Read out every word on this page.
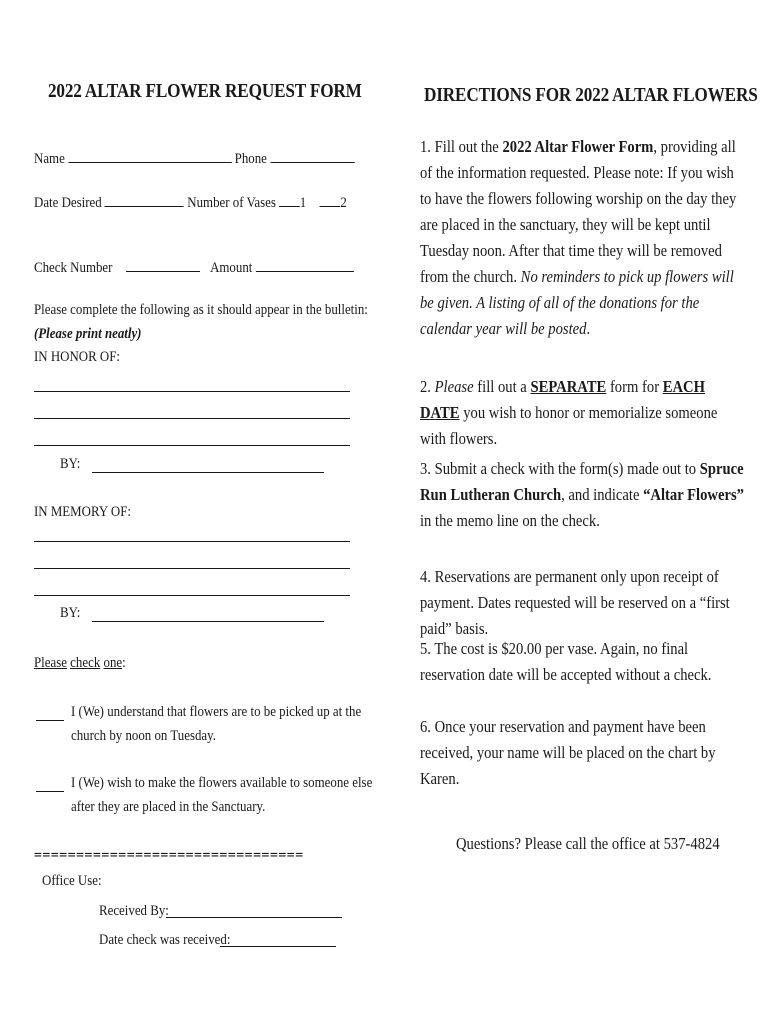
2022 ALTAR FLOWER REQUEST FORM
Name	Phone
Date Desired	Number of Vases 1 2
Check Number	Amount
Please complete the following as it should appear in the bulletin:
(Please print neatly)
IN HONOR OF:
BY:
IN MEMORY OF:
BY:
Please check one:
I (We) understand that flowers are to be picked up at the
church by noon on Tuesday.
I (We) wish to make the flowers available to someone else
after they are placed in the Sanctuary.
================================
Office Use:
Received By:
Date check was received:
DIRECTIONS FOR 2022 ALTAR FLOWERS
1. Fill out the 2022 Altar Flower Form, providing all of the information requested. Please note: If you wish to have the flowers following worship on the day they are placed in the sanctuary, they will be kept until Tuesday noon. After that time they will be removed from the church. No reminders to pick up flowers will be given. A listing of all of the donations for the calendar year will be posted.
2. Please fill out a SEPARATE form for EACH DATE you wish to honor or memorialize someone with flowers.
3. Submit a check with the form(s) made out to Spruce Run Lutheran Church, and indicate “Altar Flowers” in the memo line on the check.
4. Reservations are permanent only upon receipt of payment. Dates requested will be reserved on a “first paid” basis.
5. The cost is $20.00 per vase. Again, no final reservation date will be accepted without a check.
6. Once your reservation and payment have been received, your name will be placed on the chart by Karen.
Questions? Please call the office at 537-4824
